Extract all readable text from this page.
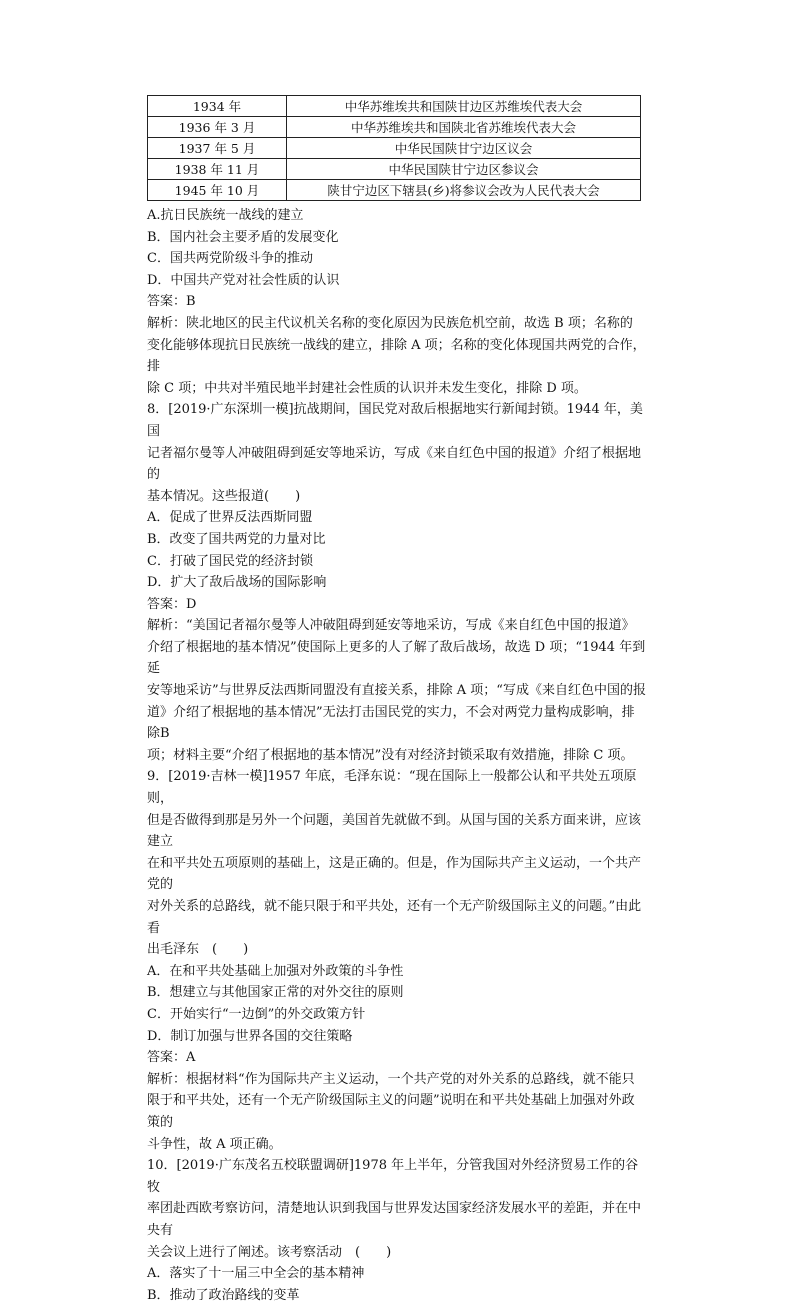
1934 年	中华苏维埃共和国陕甘边区苏维埃代表大会
1936 年 3 月	中华苏维埃共和国陕北省苏维埃代表大会
1937 年 5 月	中华民国陕甘宁边区议会
1938 年 11 月	中华民国陕甘宁边区参议会
1945 年 10 月	陕甘宁边区下辖县(乡)将参议会改为人民代表大会

A.抗日民族统一战线的建立

B．国内社会主要矛盾的发展变化

C．国共两党阶级斗争的推动

D．中国共产党对社会性质的认识

答案：B

解析：陕北地区的民主代议机关名称的变化原因为民族危机空前，故选 B 项；名称的

变化能够体现抗日民族统一战线的建立，排除 A 项；名称的变化体现国共两党的合作，排

除 C 项；中共对半殖民地半封建社会性质的认识并未发生变化，排除 D 项。

8．[2019·广东深圳一模]抗战期间，国民党对敌后根据地实行新闻封锁。1944 年，美国

记者福尔曼等人冲破阻碍到延安等地采访，写成《来自红色中国的报道》介绍了根据地的

基本情况。这些报道(　　)

A．促成了世界反法西斯同盟

B．改变了国共两党的力量对比

C．打破了国民党的经济封锁

D．扩大了敌后战场的国际影响

答案：D

解析：“美国记者福尔曼等人冲破阻碍到延安等地采访，写成《来自红色中国的报道》

介绍了根据地的基本情况”使国际上更多的人了解了敌后战场，故选 D 项；“1944 年到延

安等地采访”与世界反法西斯同盟没有直接关系，排除 A 项；“写成《来自红色中国的报

道》介绍了根据地的基本情况”无法打击国民党的实力，不会对两党力量构成影响，排除B

项；材料主要“介绍了根据地的基本情况”没有对经济封锁采取有效措施，排除 C 项。

9．[2019·吉林一模]1957 年底，毛泽东说：“现在国际上一般都公认和平共处五项原则，

但是否做得到那是另外一个问题，美国首先就做不到。从国与国的关系方面来讲，应该建立

在和平共处五项原则的基础上，这是正确的。但是，作为国际共产主义运动，一个共产党的

对外关系的总路线，就不能只限于和平共处，还有一个无产阶级国际主义的问题。”由此看

出毛泽东　(　　)

A．在和平共处基础上加强对外政策的斗争性

B．想建立与其他国家正常的对外交往的原则

C．开始实行“一边倒”的外交政策方针

D．制订加强与世界各国的交往策略

答案：A

解析：根据材料“作为国际共产主义运动，一个共产党的对外关系的总路线，就不能只

限于和平共处，还有一个无产阶级国际主义的问题”说明在和平共处基础上加强对外政策的

斗争性，故 A 项正确。

10．[2019·广东茂名五校联盟调研]1978 年上半年，分管我国对外经济贸易工作的谷牧

率团赴西欧考察访问，清楚地认识到我国与世界发达国家经济发展水平的差距，并在中央有

关会议上进行了阐述。该考察活动　(　　)

A．落实了十一届三中全会的基本精神

B．推动了政治路线的变革
